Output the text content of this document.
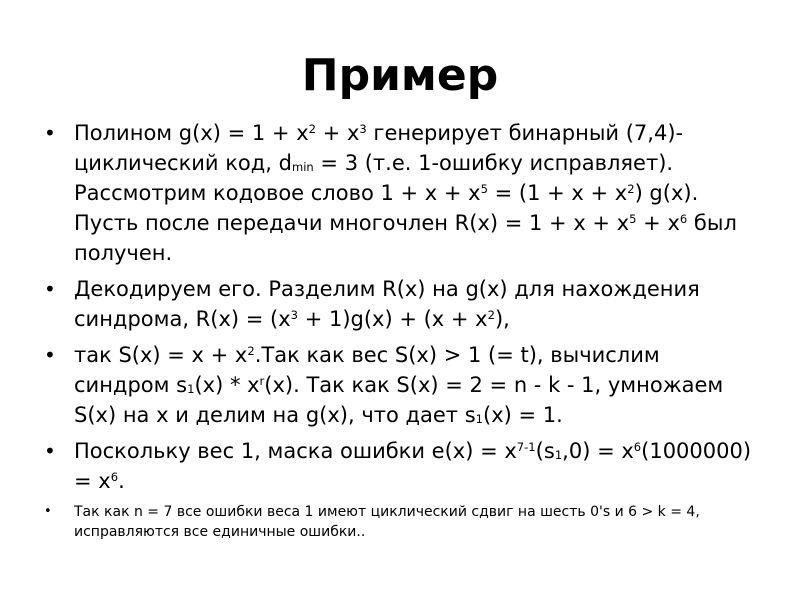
Пример
• Полином $g(x) = 1 + x^2 + x^3$ генерирует бинарный (7,4)-циклический код, $d_{min} = 3$ (т.е. 1-ошибку исправляет). Рассмотрим кодовое слово $1 + x + x^5 = (1 + x + x^2)$ g(x). Пусть после передачи многочлен $R(x) = 1 + x + x^5 + x^6$ был получен.
• Декодируем его. Разделим R(x) на g(x) для нахождения синдрома, $R(x) = (x^3 + 1)g(x) + (x + x^2)$,
• так $S(x) = x + x^2.Так$ как вес S(x) > 1 (= t), вычислим синдром $s_1(x) * x^r(x)$. Так как S(x) = 2 = n - k - 1, умножаем S(x) на x и делим на g(x), что дает $s_1(x) = 1$.
• Поскольку вес 1, маска ошибки $e(x) = x^{7-1}(s_1,0) = x^6(1000000) = x^6$.
• Так как n = 7 все ошибки веса 1 имеют циклический сдвиг на шесть 0's и 6 > k = 4, исправляются все единичные ошибки..
